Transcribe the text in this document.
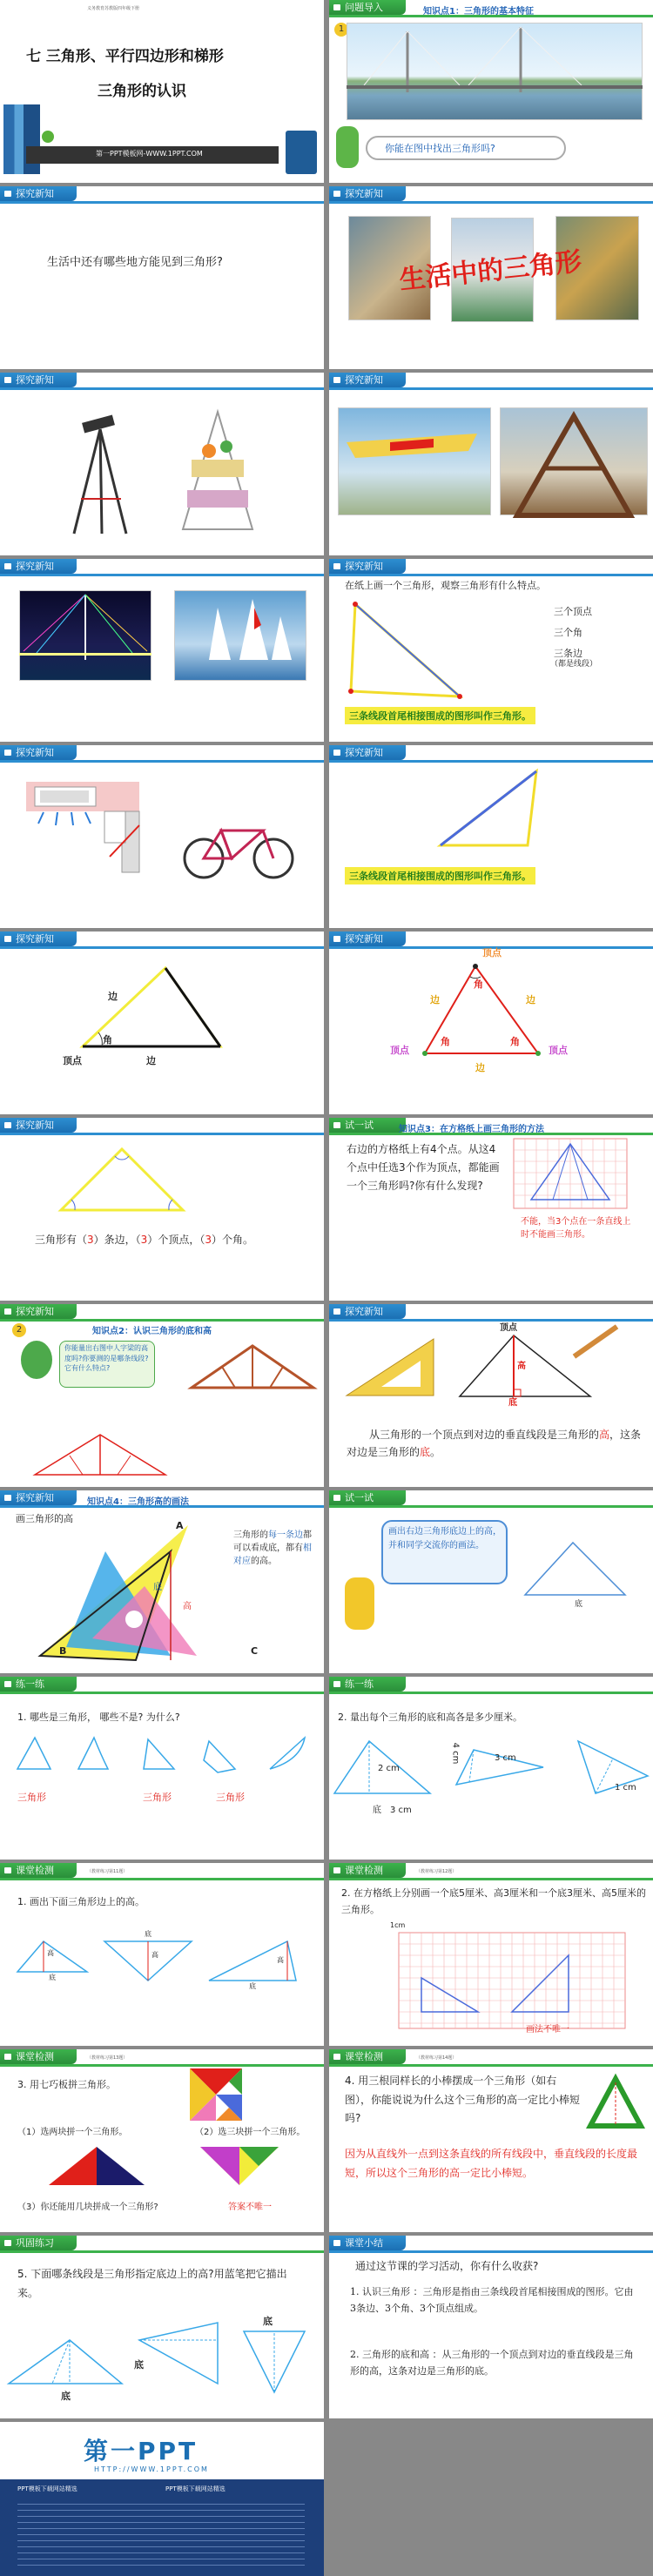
义务教育苏教版四年级下册
七 三角形、平行四边形和梯形
三角形的认识
第一PPT模板网-WWW.1PPT.COM
问题导入	知识点1：三角形的基本特征
1
你能在图中找出三角形吗?
探究新知
生活中还有哪些地方能见到三角形?
探究新知
生活中的三角形
探究新知	探究新知
探究新知	探究新知
在纸上画一个三角形，观察三角形有什么特点。
三个顶点
三个角
三条边
（都是线段）
三条线段首尾相接围成的图形叫作三角形。
探究新知	探究新知
三条线段首尾相接围成的图形叫作三角形。
探究新知
边
角
顶点	边
探究新知
顶点
顶点	顶点
角
角	角
边	边
边
探究新知
三角形有（3）条边，（3）个顶点，（3）个角。
试一试	知识点3：在方格纸上画三角形的方法
右边的方格纸上有4个点。从这4个点中任选3个作为顶点，都能画一个三角形吗?你有什么发现?
不能，当3个点在一条直线上时不能画三角形。
探究新知
知识点2：认识三角形的底和高
2
你能量出右图中人字梁的高度吗?你要测的是哪条线段?它有什么特点?
探究新知
顶点
高
底
从三角形的一个顶点到对边的垂直线段是三角形的高，这条对边是三角形的底。
探究新知	知识点4：三角形高的画法
画三角形的高
A
B	C
底
高
三角形的每一条边都可以看成底，都有相对应的高。
试一试
画出右边三角形底边上的高，并和同学交流你的画法。
底
练一练
1. 哪些是三角形， 哪些不是? 为什么?
三角形	三角形	三角形
练一练
2. 量出每个三角形的底和高各是多少厘米。
2 cm
3 cm
底
3 cm
4 cm
1 cm
课堂检测	（教材练习第11题）
1. 画出下面三角形边上的高。
高	高
高
底
底
底
课堂检测	（教材练习第12题）
2. 在方格纸上分别画一个底5厘米、高3厘米和一个底3厘米、高5厘米的三角形。
1cm
画法不唯一
课堂检测	（教材练习第13题）
3. 用七巧板拼三角形。
（1）选两块拼一个三角形。	（2）选三块拼一个三角形。
（3）你还能用几块拼成一个三角形?	答案不唯一
课堂检测	（教材练习第14题）
4. 用三根同样长的小棒摆成一个三角形（如右图），你能说说为什么这个三角形的高一定比小棒短吗?
因为从直线外一点到这条直线的所有线段中，垂直线段的长度最短，所以这个三角形的高一定比小棒短。
巩固练习
5. 下面哪条线段是三角形指定底边上的高?用蓝笔把它描出来。
底
底
底
课堂小结
通过这节课的学习活动，你有什么收获?
1. 认识三角形 ：三角形是指由三条线段首尾相接围成的图形。它由3条边、3个角、3个顶点组成。
2. 三角形的底和高 ：从三角形的一个顶点到对边的垂直线段是三角形的高，这条对边是三角形的底。
第一PPT
HTTP://WWW.1PPT.COM
PPT模板下载网站精选	PPT模板下载网站精选
